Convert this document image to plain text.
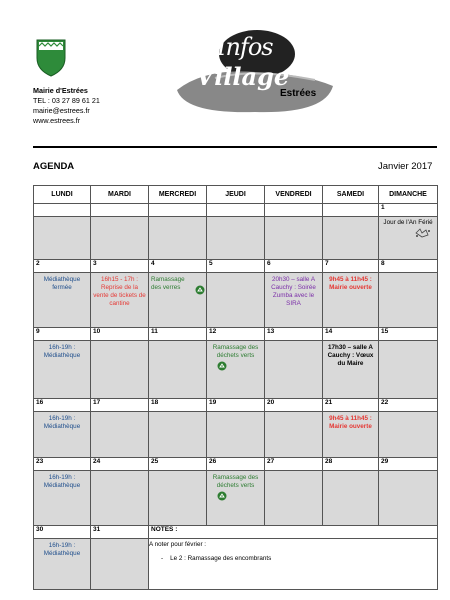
Mairie d'Estrées
TEL : 03 27 89 61 21
mairie@estrees.fr
www.estrees.fr
Infos
Village
Estrées
AGENDA	Janvier 2017
LUNDI	MARDI	MERCREDI	JEUDI	VENDREDI	SAMEDI	DIMANCHE
						1

						Jour de l'An Férié

2	3	4	5	6	7	8

Médiathèque fermée	16h15 - 17h : Reprise de la vente de tickets de cantine	Ramassage des verres		20h30 – salle A Cauchy : Soirée Zumba avec le SIRA	9h45 à 11h45 : Mairie ouverte	

9	10	11	12	13	14	15

16h-19h : Médiathèque			Ramassage des déchets verts		17h30 – salle A Cauchy : Vœux du Maire	

16	17	18	19	20	21	22

16h-19h : Médiathèque					9h45 à 11h45 : Mairie ouverte	

23	24	25	26	27	28	29

16h-19h : Médiathèque			Ramassage des déchets verts			

30	31	NOTES :				

16h-19h : Médiathèque		A noter pour février :
-    Le 2 : Ramassage des encombrants				
